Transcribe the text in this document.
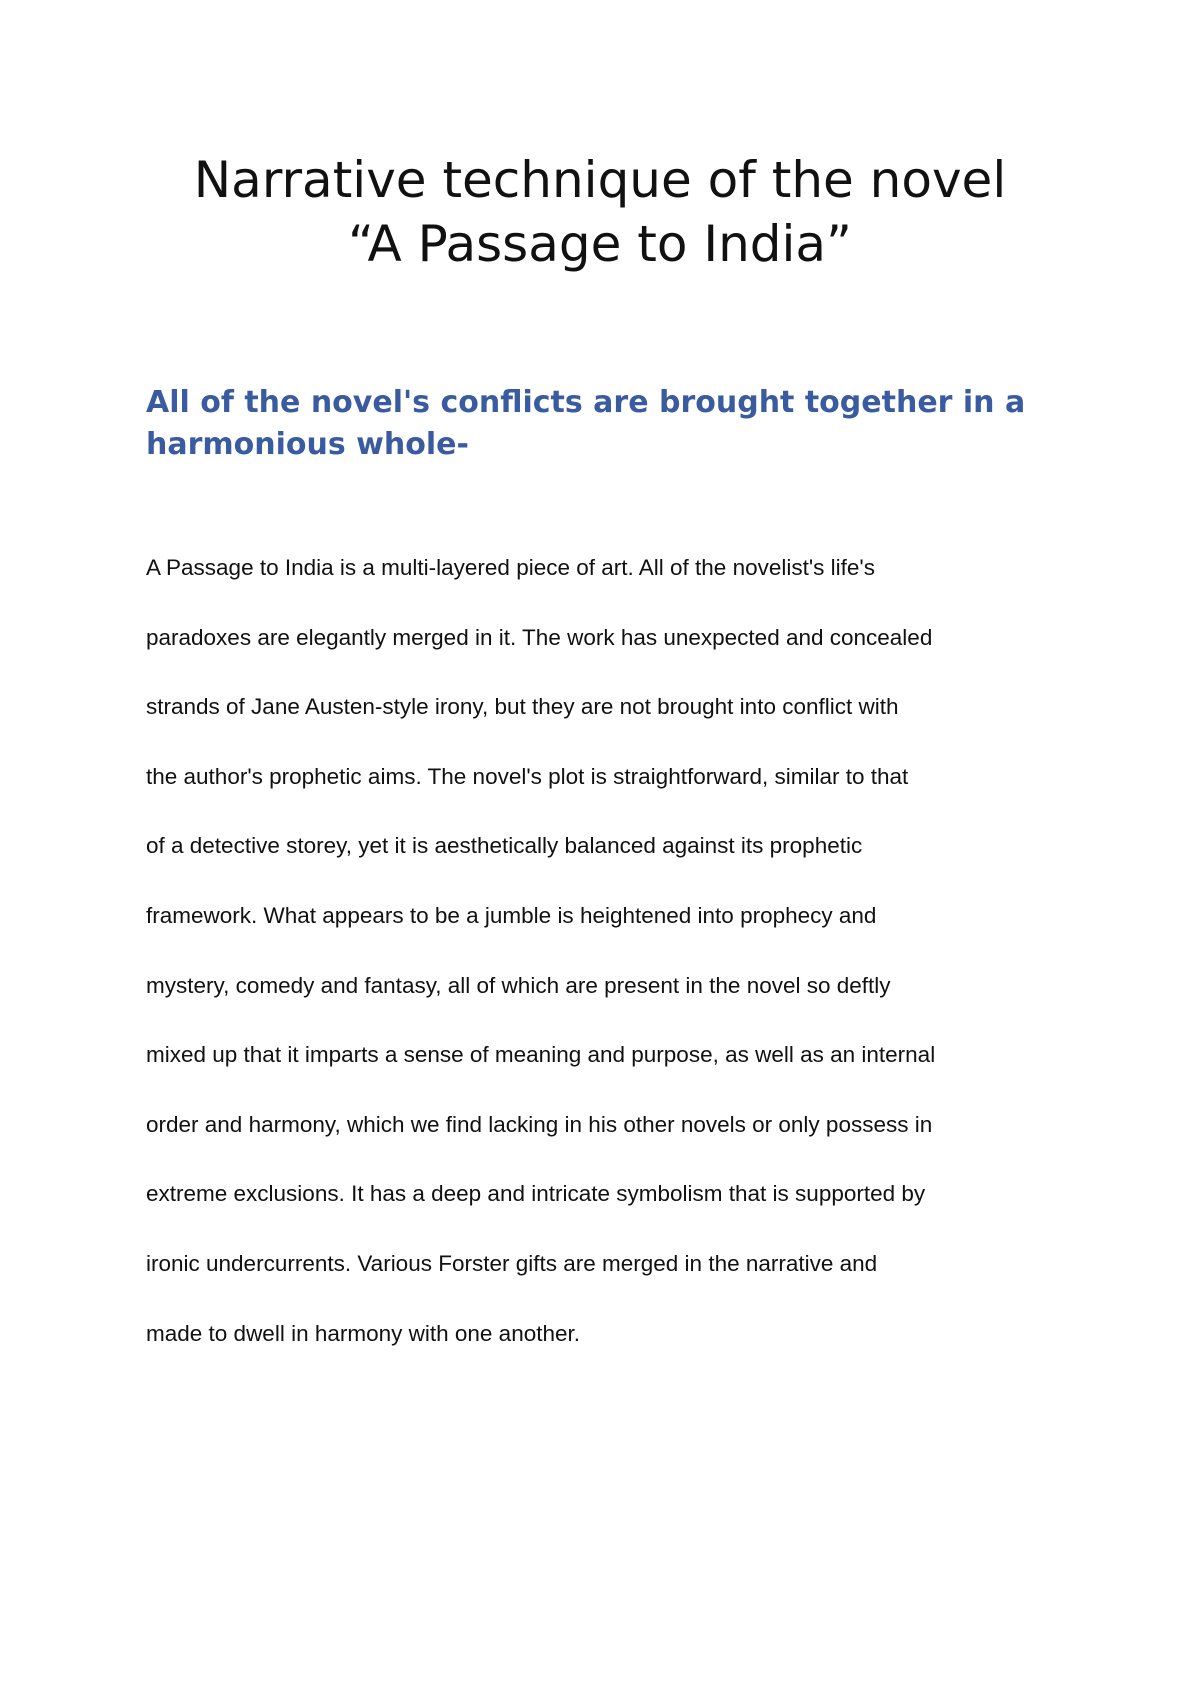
Narrative technique of the novel
“A Passage to India”
All of the novel's conflicts are brought together in a harmonious whole-
A Passage to India is a multi-layered piece of art. All of the novelist's life's
paradoxes are elegantly merged in it. The work has unexpected and concealed
strands of Jane Austen-style irony, but they are not brought into conflict with
the author's prophetic aims. The novel's plot is straightforward, similar to that
of a detective storey, yet it is aesthetically balanced against its prophetic
framework. What appears to be a jumble is heightened into prophecy and
mystery, comedy and fantasy, all of which are present in the novel so deftly
mixed up that it imparts a sense of meaning and purpose, as well as an internal
order and harmony, which we find lacking in his other novels or only possess in
extreme exclusions. It has a deep and intricate symbolism that is supported by
ironic undercurrents. Various Forster gifts are merged in the narrative and
made to dwell in harmony with one another.
